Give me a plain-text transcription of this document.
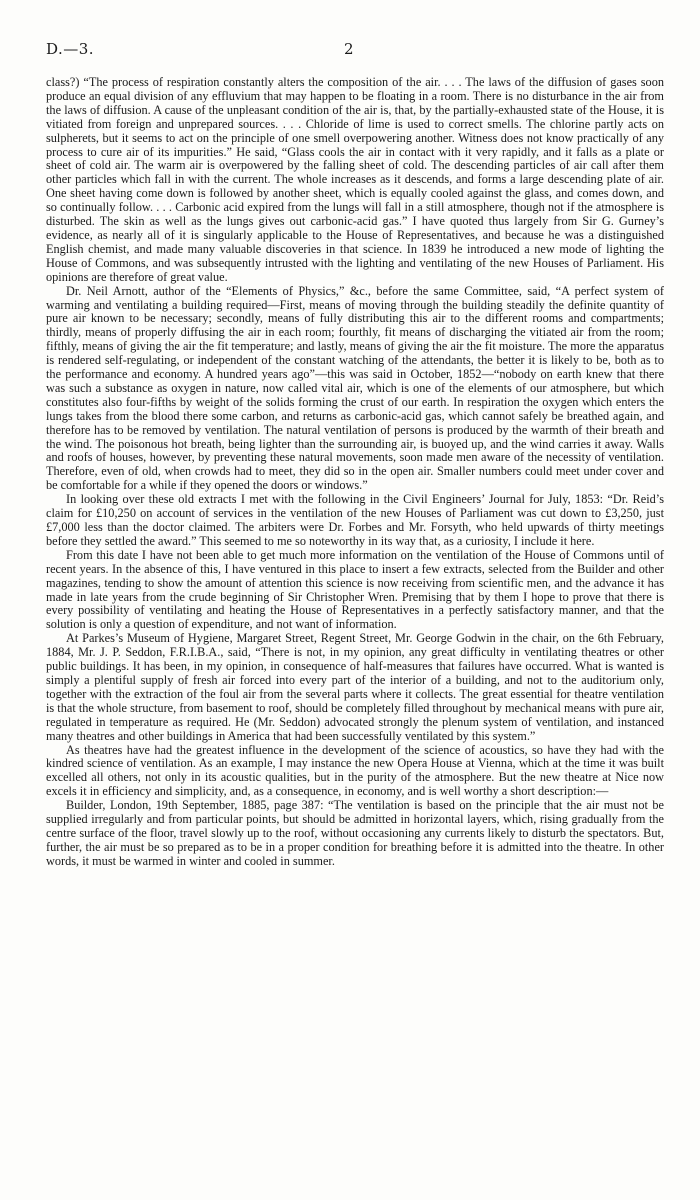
D.—3.	2

class?) “The process of respiration constantly alters the composition of the air. . . . The laws of the diffusion of gases soon produce an equal division of any effluvium that may happen to be floating in a room. There is no disturbance in the air from the laws of diffusion. A cause of the unpleasant condition of the air is, that, by the partially-exhausted state of the House, it is vitiated from foreign and unprepared sources. . . . Chloride of lime is used to correct smells. The chlorine partly acts on sulpherets, but it seems to act on the principle of one smell overpowering another. Witness does not know practically of any process to cure air of its impurities.” He said, “Glass cools the air in contact with it very rapidly, and it falls as a plate or sheet of cold air. The warm air is overpowered by the falling sheet of cold. The descending particles of air call after them other particles which fall in with the current. The whole increases as it descends, and forms a large descending plate of air. One sheet having come down is followed by another sheet, which is equally cooled against the glass, and comes down, and so continually follow. . . . Carbonic acid expired from the lungs will fall in a still atmosphere, though not if the atmosphere is disturbed. The skin as well as the lungs gives out carbonic-acid gas.” I have quoted thus largely from Sir G. Gurney’s evidence, as nearly all of it is singularly applicable to the House of Representatives, and because he was a distinguished English chemist, and made many valuable discoveries in that science. In 1839 he introduced a new mode of lighting the House of Commons, and was subsequently intrusted with the lighting and ventilating of the new Houses of Parliament. His opinions are therefore of great value.

Dr. Neil Arnott, author of the “Elements of Physics,” &c., before the same Committee, said, “A perfect system of warming and ventilating a building required—First, means of moving through the building steadily the definite quantity of pure air known to be necessary; secondly, means of fully distributing this air to the different rooms and compartments; thirdly, means of properly diffusing the air in each room; fourthly, fit means of discharging the vitiated air from the room; fifthly, means of giving the air the fit temperature; and lastly, means of giving the air the fit moisture. The more the apparatus is rendered self-regulating, or independent of the constant watching of the attendants, the better it is likely to be, both as to the performance and economy. A hundred years ago”—this was said in October, 1852—“nobody on earth knew that there was such a substance as oxygen in nature, now called vital air, which is one of the elements of our atmosphere, but which constitutes also four-fifths by weight of the solids forming the crust of our earth. In respiration the oxygen which enters the lungs takes from the blood there some carbon, and returns as carbonic-acid gas, which cannot safely be breathed again, and therefore has to be removed by ventilation. The natural ventilation of persons is produced by the warmth of their breath and the wind. The poisonous hot breath, being lighter than the surrounding air, is buoyed up, and the wind carries it away. Walls and roofs of houses, however, by preventing these natural movements, soon made men aware of the necessity of ventilation. Therefore, even of old, when crowds had to meet, they did so in the open air. Smaller numbers could meet under cover and be comfortable for a while if they opened the doors or windows.”

In looking over these old extracts I met with the following in the Civil Engineers’ Journal for July, 1853: “Dr. Reid’s claim for £10,250 on account of services in the ventilation of the new Houses of Parliament was cut down to £3,250, just £7,000 less than the doctor claimed. The arbiters were Dr. Forbes and Mr. Forsyth, who held upwards of thirty meetings before they settled the award.” This seemed to me so noteworthy in its way that, as a curiosity, I include it here.

From this date I have not been able to get much more information on the ventilation of the House of Commons until of recent years. In the absence of this, I have ventured in this place to insert a few extracts, selected from the Builder and other magazines, tending to show the amount of attention this science is now receiving from scientific men, and the advance it has made in late years from the crude beginning of Sir Christopher Wren. Premising that by them I hope to prove that there is every possibility of ventilating and heating the House of Representatives in a perfectly satisfactory manner, and that the solution is only a question of expenditure, and not want of information.

At Parkes’s Museum of Hygiene, Margaret Street, Regent Street, Mr. George Godwin in the chair, on the 6th February, 1884, Mr. J. P. Seddon, F.R.I.B.A., said, “There is not, in my opinion, any great difficulty in ventilating theatres or other public buildings. It has been, in my opinion, in consequence of half-measures that failures have occurred. What is wanted is simply a plentiful supply of fresh air forced into every part of the interior of a building, and not to the auditorium only, together with the extraction of the foul air from the several parts where it collects. The great essential for theatre ventilation is that the whole structure, from basement to roof, should be completely filled throughout by mechanical means with pure air, regulated in temperature as required. He (Mr. Seddon) advocated strongly the plenum system of ventilation, and instanced many theatres and other buildings in America that had been successfully ventilated by this system.”

As theatres have had the greatest influence in the development of the science of acoustics, so have they had with the kindred science of ventilation. As an example, I may instance the new Opera House at Vienna, which at the time it was built excelled all others, not only in its acoustic qualities, but in the purity of the atmosphere. But the new theatre at Nice now excels it in efficiency and simplicity, and, as a consequence, in economy, and is well worthy a short description:—

Builder, London, 19th September, 1885, page 387: “The ventilation is based on the principle that the air must not be supplied irregularly and from particular points, but should be admitted in horizontal layers, which, rising gradually from the centre surface of the floor, travel slowly up to the roof, without occasioning any currents likely to disturb the spectators. But, further, the air must be so prepared as to be in a proper condition for breathing before it is admitted into the theatre. In other words, it must be warmed in winter and cooled in summer.
